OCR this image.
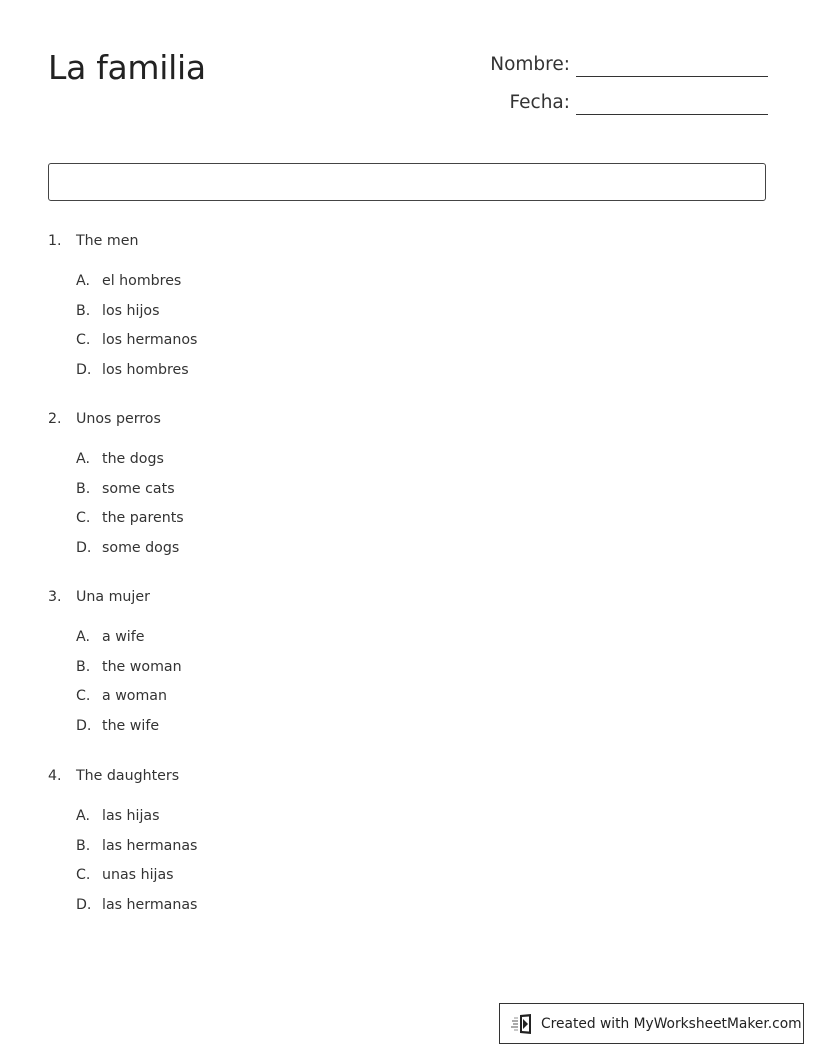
La familia	Nombre:
Fecha:
1.	The men
A. el hombres
B. los hijos
C. los hermanos
D. los hombres
2.	Unos perros
A. the dogs
B. some cats
C. the parents
D. some dogs
3.	Una mujer
A. a wife
B. the woman
C. a woman
D. the wife
4.	The daughters
A. las hijas
B. las hermanas
C. unas hijas
D. las hermanas
Created with MyWorksheetMaker.com
